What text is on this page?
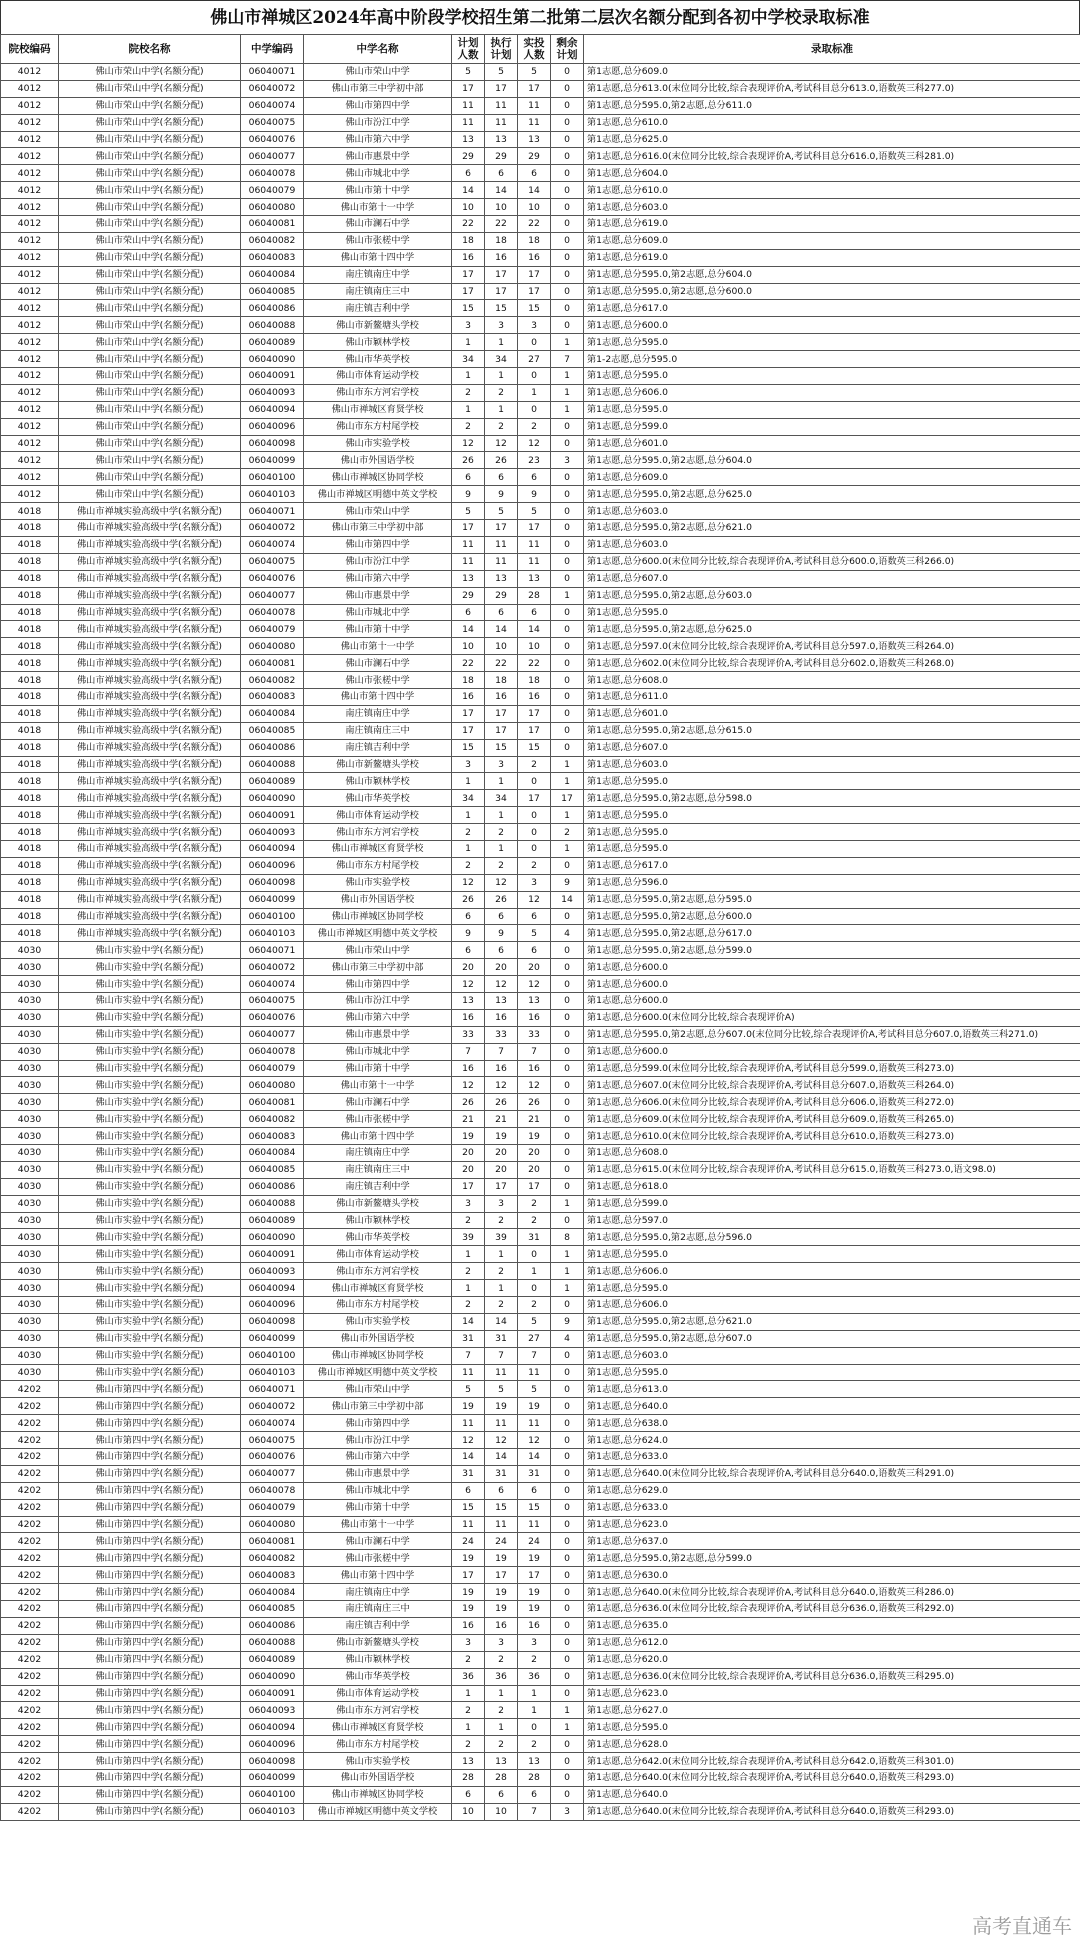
佛山市禅城区2024年高中阶段学校招生第二批第二层次名额分配到各初中学校录取标准
院校编码	院校名称	中学编码	中学名称	计划人数	执行计划	实投人数	剩余计划	录取标准
4012	佛山市荣山中学(名额分配)	06040071	佛山市荣山中学	5	5	5	0	第1志愿,总分609.0
4012	佛山市荣山中学(名额分配)	06040072	佛山市第三中学初中部	17	17	17	0	第1志愿,总分613.0(末位同分比较,综合表现评价A,考试科目总分613.0,语数英三科277.0)
4012	佛山市荣山中学(名额分配)	06040074	佛山市第四中学	11	11	11	0	第1志愿,总分595.0,第2志愿,总分611.0
4012	佛山市荣山中学(名额分配)	06040075	佛山市汾江中学	11	11	11	0	第1志愿,总分610.0
4012	佛山市荣山中学(名额分配)	06040076	佛山市第六中学	13	13	13	0	第1志愿,总分625.0
4012	佛山市荣山中学(名额分配)	06040077	佛山市惠景中学	29	29	29	0	第1志愿,总分616.0(末位同分比较,综合表现评价A,考试科目总分616.0,语数英三科281.0)
4012	佛山市荣山中学(名额分配)	06040078	佛山市城北中学	6	6	6	0	第1志愿,总分604.0
4012	佛山市荣山中学(名额分配)	06040079	佛山市第十中学	14	14	14	0	第1志愿,总分610.0
4012	佛山市荣山中学(名额分配)	06040080	佛山市第十一中学	10	10	10	0	第1志愿,总分603.0
4012	佛山市荣山中学(名额分配)	06040081	佛山市澜石中学	22	22	22	0	第1志愿,总分619.0
4012	佛山市荣山中学(名额分配)	06040082	佛山市张槎中学	18	18	18	0	第1志愿,总分609.0
4012	佛山市荣山中学(名额分配)	06040083	佛山市第十四中学	16	16	16	0	第1志愿,总分619.0
4012	佛山市荣山中学(名额分配)	06040084	南庄镇南庄中学	17	17	17	0	第1志愿,总分595.0,第2志愿,总分604.0
4012	佛山市荣山中学(名额分配)	06040085	南庄镇南庄三中	17	17	17	0	第1志愿,总分595.0,第2志愿,总分600.0
4012	佛山市荣山中学(名额分配)	06040086	南庄镇吉利中学	15	15	15	0	第1志愿,总分617.0
4012	佛山市荣山中学(名额分配)	06040088	佛山市新鳌塘头学校	3	3	3	0	第1志愿,总分600.0
4012	佛山市荣山中学(名额分配)	06040089	佛山市颖林学校	1	1	0	1	第1志愿,总分595.0
4012	佛山市荣山中学(名额分配)	06040090	佛山市华英学校	34	34	27	7	第1-2志愿,总分595.0
4012	佛山市荣山中学(名额分配)	06040091	佛山市体育运动学校	1	1	0	1	第1志愿,总分595.0
4012	佛山市荣山中学(名额分配)	06040093	佛山市东方河宕学校	2	2	1	1	第1志愿,总分606.0
4012	佛山市荣山中学(名额分配)	06040094	佛山市禅城区育贤学校	1	1	0	1	第1志愿,总分595.0
4012	佛山市荣山中学(名额分配)	06040096	佛山市东方村尾学校	2	2	2	0	第1志愿,总分599.0
4012	佛山市荣山中学(名额分配)	06040098	佛山市实验学校	12	12	12	0	第1志愿,总分601.0
4012	佛山市荣山中学(名额分配)	06040099	佛山市外国语学校	26	26	23	3	第1志愿,总分595.0,第2志愿,总分604.0
4012	佛山市荣山中学(名额分配)	06040100	佛山市禅城区协同学校	6	6	6	0	第1志愿,总分609.0
4012	佛山市荣山中学(名额分配)	06040103	佛山市禅城区明德中英文学校	9	9	9	0	第1志愿,总分595.0,第2志愿,总分625.0
4018	佛山市禅城实验高级中学(名额分配)	06040071	佛山市荣山中学	5	5	5	0	第1志愿,总分603.0
4018	佛山市禅城实验高级中学(名额分配)	06040072	佛山市第三中学初中部	17	17	17	0	第1志愿,总分595.0,第2志愿,总分621.0
4018	佛山市禅城实验高级中学(名额分配)	06040074	佛山市第四中学	11	11	11	0	第1志愿,总分603.0
4018	佛山市禅城实验高级中学(名额分配)	06040075	佛山市汾江中学	11	11	11	0	第1志愿,总分600.0(末位同分比较,综合表现评价A,考试科目总分600.0,语数英三科266.0)
4018	佛山市禅城实验高级中学(名额分配)	06040076	佛山市第六中学	13	13	13	0	第1志愿,总分607.0
4018	佛山市禅城实验高级中学(名额分配)	06040077	佛山市惠景中学	29	29	28	1	第1志愿,总分595.0,第2志愿,总分603.0
4018	佛山市禅城实验高级中学(名额分配)	06040078	佛山市城北中学	6	6	6	0	第1志愿,总分595.0
4018	佛山市禅城实验高级中学(名额分配)	06040079	佛山市第十中学	14	14	14	0	第1志愿,总分595.0,第2志愿,总分625.0
4018	佛山市禅城实验高级中学(名额分配)	06040080	佛山市第十一中学	10	10	10	0	第1志愿,总分597.0(末位同分比较,综合表现评价A,考试科目总分597.0,语数英三科264.0)
4018	佛山市禅城实验高级中学(名额分配)	06040081	佛山市澜石中学	22	22	22	0	第1志愿,总分602.0(末位同分比较,综合表现评价A,考试科目总分602.0,语数英三科268.0)
4018	佛山市禅城实验高级中学(名额分配)	06040082	佛山市张槎中学	18	18	18	0	第1志愿,总分608.0
4018	佛山市禅城实验高级中学(名额分配)	06040083	佛山市第十四中学	16	16	16	0	第1志愿,总分611.0
4018	佛山市禅城实验高级中学(名额分配)	06040084	南庄镇南庄中学	17	17	17	0	第1志愿,总分601.0
4018	佛山市禅城实验高级中学(名额分配)	06040085	南庄镇南庄三中	17	17	17	0	第1志愿,总分595.0,第2志愿,总分615.0
4018	佛山市禅城实验高级中学(名额分配)	06040086	南庄镇吉利中学	15	15	15	0	第1志愿,总分607.0
4018	佛山市禅城实验高级中学(名额分配)	06040088	佛山市新鳌塘头学校	3	3	2	1	第1志愿,总分603.0
4018	佛山市禅城实验高级中学(名额分配)	06040089	佛山市颖林学校	1	1	0	1	第1志愿,总分595.0
4018	佛山市禅城实验高级中学(名额分配)	06040090	佛山市华英学校	34	34	17	17	第1志愿,总分595.0,第2志愿,总分598.0
4018	佛山市禅城实验高级中学(名额分配)	06040091	佛山市体育运动学校	1	1	0	1	第1志愿,总分595.0
4018	佛山市禅城实验高级中学(名额分配)	06040093	佛山市东方河宕学校	2	2	0	2	第1志愿,总分595.0
4018	佛山市禅城实验高级中学(名额分配)	06040094	佛山市禅城区育贤学校	1	1	0	1	第1志愿,总分595.0
4018	佛山市禅城实验高级中学(名额分配)	06040096	佛山市东方村尾学校	2	2	2	0	第1志愿,总分617.0
4018	佛山市禅城实验高级中学(名额分配)	06040098	佛山市实验学校	12	12	3	9	第1志愿,总分596.0
4018	佛山市禅城实验高级中学(名额分配)	06040099	佛山市外国语学校	26	26	12	14	第1志愿,总分595.0,第2志愿,总分595.0
4018	佛山市禅城实验高级中学(名额分配)	06040100	佛山市禅城区协同学校	6	6	6	0	第1志愿,总分595.0,第2志愿,总分600.0
4018	佛山市禅城实验高级中学(名额分配)	06040103	佛山市禅城区明德中英文学校	9	9	5	4	第1志愿,总分595.0,第2志愿,总分617.0
4030	佛山市实验中学(名额分配)	06040071	佛山市荣山中学	6	6	6	0	第1志愿,总分595.0,第2志愿,总分599.0
4030	佛山市实验中学(名额分配)	06040072	佛山市第三中学初中部	20	20	20	0	第1志愿,总分600.0
4030	佛山市实验中学(名额分配)	06040074	佛山市第四中学	12	12	12	0	第1志愿,总分600.0
4030	佛山市实验中学(名额分配)	06040075	佛山市汾江中学	13	13	13	0	第1志愿,总分600.0
4030	佛山市实验中学(名额分配)	06040076	佛山市第六中学	16	16	16	0	第1志愿,总分600.0(末位同分比较,综合表现评价A)
4030	佛山市实验中学(名额分配)	06040077	佛山市惠景中学	33	33	33	0	第1志愿,总分595.0,第2志愿,总分607.0(末位同分比较,综合表现评价A,考试科目总分607.0,语数英三科271.0)
4030	佛山市实验中学(名额分配)	06040078	佛山市城北中学	7	7	7	0	第1志愿,总分600.0
4030	佛山市实验中学(名额分配)	06040079	佛山市第十中学	16	16	16	0	第1志愿,总分599.0(末位同分比较,综合表现评价A,考试科目总分599.0,语数英三科273.0)
4030	佛山市实验中学(名额分配)	06040080	佛山市第十一中学	12	12	12	0	第1志愿,总分607.0(末位同分比较,综合表现评价A,考试科目总分607.0,语数英三科264.0)
4030	佛山市实验中学(名额分配)	06040081	佛山市澜石中学	26	26	26	0	第1志愿,总分606.0(末位同分比较,综合表现评价A,考试科目总分606.0,语数英三科272.0)
4030	佛山市实验中学(名额分配)	06040082	佛山市张槎中学	21	21	21	0	第1志愿,总分609.0(末位同分比较,综合表现评价A,考试科目总分609.0,语数英三科265.0)
4030	佛山市实验中学(名额分配)	06040083	佛山市第十四中学	19	19	19	0	第1志愿,总分610.0(末位同分比较,综合表现评价A,考试科目总分610.0,语数英三科273.0)
4030	佛山市实验中学(名额分配)	06040084	南庄镇南庄中学	20	20	20	0	第1志愿,总分608.0
4030	佛山市实验中学(名额分配)	06040085	南庄镇南庄三中	20	20	20	0	第1志愿,总分615.0(末位同分比较,综合表现评价A,考试科目总分615.0,语数英三科273.0,语文98.0)
4030	佛山市实验中学(名额分配)	06040086	南庄镇吉利中学	17	17	17	0	第1志愿,总分618.0
4030	佛山市实验中学(名额分配)	06040088	佛山市新鳌塘头学校	3	3	2	1	第1志愿,总分599.0
4030	佛山市实验中学(名额分配)	06040089	佛山市颖林学校	2	2	2	0	第1志愿,总分597.0
4030	佛山市实验中学(名额分配)	06040090	佛山市华英学校	39	39	31	8	第1志愿,总分595.0,第2志愿,总分596.0
4030	佛山市实验中学(名额分配)	06040091	佛山市体育运动学校	1	1	0	1	第1志愿,总分595.0
4030	佛山市实验中学(名额分配)	06040093	佛山市东方河宕学校	2	2	1	1	第1志愿,总分606.0
4030	佛山市实验中学(名额分配)	06040094	佛山市禅城区育贤学校	1	1	0	1	第1志愿,总分595.0
4030	佛山市实验中学(名额分配)	06040096	佛山市东方村尾学校	2	2	2	0	第1志愿,总分606.0
4030	佛山市实验中学(名额分配)	06040098	佛山市实验学校	14	14	5	9	第1志愿,总分595.0,第2志愿,总分621.0
4030	佛山市实验中学(名额分配)	06040099	佛山市外国语学校	31	31	27	4	第1志愿,总分595.0,第2志愿,总分607.0
4030	佛山市实验中学(名额分配)	06040100	佛山市禅城区协同学校	7	7	7	0	第1志愿,总分603.0
4030	佛山市实验中学(名额分配)	06040103	佛山市禅城区明德中英文学校	11	11	11	0	第1志愿,总分595.0
4202	佛山市第四中学(名额分配)	06040071	佛山市荣山中学	5	5	5	0	第1志愿,总分613.0
4202	佛山市第四中学(名额分配)	06040072	佛山市第三中学初中部	19	19	19	0	第1志愿,总分640.0
4202	佛山市第四中学(名额分配)	06040074	佛山市第四中学	11	11	11	0	第1志愿,总分638.0
4202	佛山市第四中学(名额分配)	06040075	佛山市汾江中学	12	12	12	0	第1志愿,总分624.0
4202	佛山市第四中学(名额分配)	06040076	佛山市第六中学	14	14	14	0	第1志愿,总分633.0
4202	佛山市第四中学(名额分配)	06040077	佛山市惠景中学	31	31	31	0	第1志愿,总分640.0(末位同分比较,综合表现评价A,考试科目总分640.0,语数英三科291.0)
4202	佛山市第四中学(名额分配)	06040078	佛山市城北中学	6	6	6	0	第1志愿,总分629.0
4202	佛山市第四中学(名额分配)	06040079	佛山市第十中学	15	15	15	0	第1志愿,总分633.0
4202	佛山市第四中学(名额分配)	06040080	佛山市第十一中学	11	11	11	0	第1志愿,总分623.0
4202	佛山市第四中学(名额分配)	06040081	佛山市澜石中学	24	24	24	0	第1志愿,总分637.0
4202	佛山市第四中学(名额分配)	06040082	佛山市张槎中学	19	19	19	0	第1志愿,总分595.0,第2志愿,总分599.0
4202	佛山市第四中学(名额分配)	06040083	佛山市第十四中学	17	17	17	0	第1志愿,总分630.0
4202	佛山市第四中学(名额分配)	06040084	南庄镇南庄中学	19	19	19	0	第1志愿,总分640.0(末位同分比较,综合表现评价A,考试科目总分640.0,语数英三科286.0)
4202	佛山市第四中学(名额分配)	06040085	南庄镇南庄三中	19	19	19	0	第1志愿,总分636.0(末位同分比较,综合表现评价A,考试科目总分636.0,语数英三科292.0)
4202	佛山市第四中学(名额分配)	06040086	南庄镇吉利中学	16	16	16	0	第1志愿,总分635.0
4202	佛山市第四中学(名额分配)	06040088	佛山市新鳌塘头学校	3	3	3	0	第1志愿,总分612.0
4202	佛山市第四中学(名额分配)	06040089	佛山市颖林学校	2	2	2	0	第1志愿,总分620.0
4202	佛山市第四中学(名额分配)	06040090	佛山市华英学校	36	36	36	0	第1志愿,总分636.0(末位同分比较,综合表现评价A,考试科目总分636.0,语数英三科295.0)
4202	佛山市第四中学(名额分配)	06040091	佛山市体育运动学校	1	1	1	0	第1志愿,总分623.0
4202	佛山市第四中学(名额分配)	06040093	佛山市东方河宕学校	2	2	1	1	第1志愿,总分627.0
4202	佛山市第四中学(名额分配)	06040094	佛山市禅城区育贤学校	1	1	0	1	第1志愿,总分595.0
4202	佛山市第四中学(名额分配)	06040096	佛山市东方村尾学校	2	2	2	0	第1志愿,总分628.0
4202	佛山市第四中学(名额分配)	06040098	佛山市实验学校	13	13	13	0	第1志愿,总分642.0(末位同分比较,综合表现评价A,考试科目总分642.0,语数英三科301.0)
4202	佛山市第四中学(名额分配)	06040099	佛山市外国语学校	28	28	28	0	第1志愿,总分640.0(末位同分比较,综合表现评价A,考试科目总分640.0,语数英三科293.0)
4202	佛山市第四中学(名额分配)	06040100	佛山市禅城区协同学校	6	6	6	0	第1志愿,总分640.0
4202	佛山市第四中学(名额分配)	06040103	佛山市禅城区明德中英文学校	10	10	7	3	第1志愿,总分640.0(末位同分比较,综合表现评价A,考试科目总分640.0,语数英三科293.0)
高考直通车
